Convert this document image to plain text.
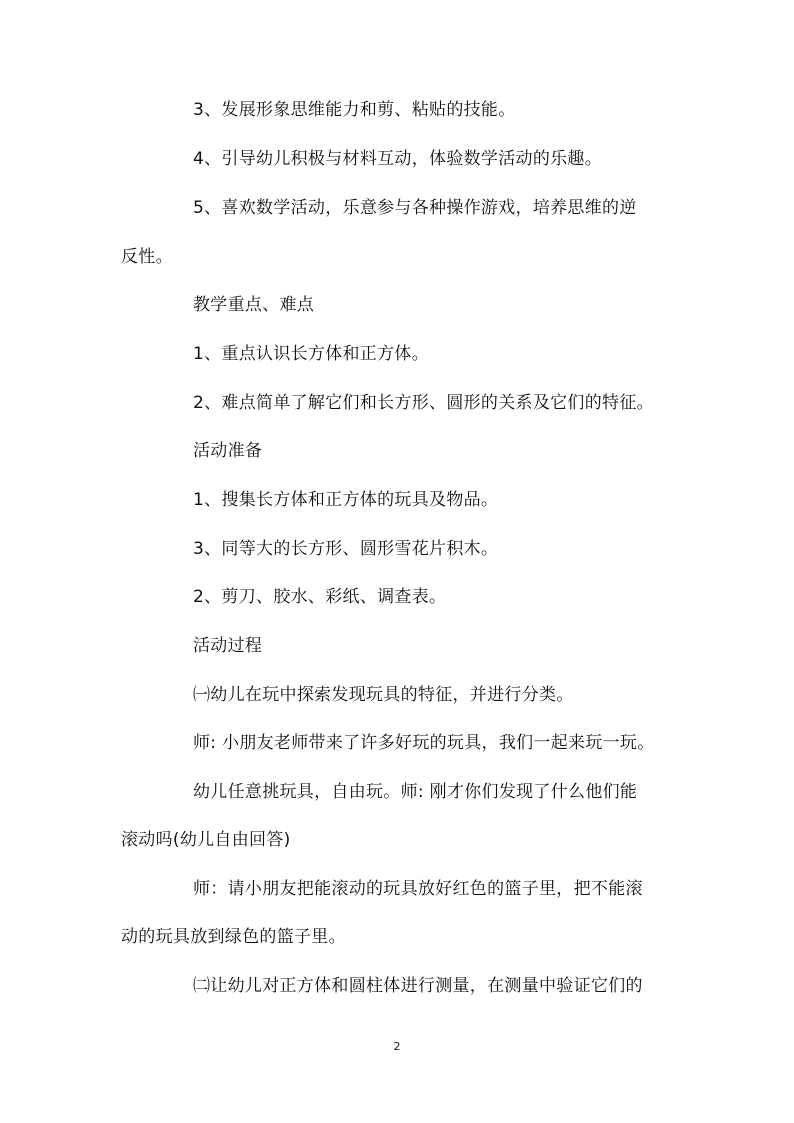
3、发展形象思维能力和剪、粘贴的技能。
4、引导幼儿积极与材料互动，体验数学活动的乐趣。
5、喜欢数学活动，乐意参与各种操作游戏，培养思维的逆
反性。
教学重点、难点
1、重点认识长方体和正方体。
2、难点简单了解它们和长方形、圆形的关系及它们的特征。
活动准备
1、搜集长方体和正方体的玩具及物品。
3、同等大的长方形、圆形雪花片积木。
2、剪刀、胶水、彩纸、调查表。
活动过程
㈠幼儿在玩中探索发现玩具的特征，并进行分类。
师: 小朋友老师带来了许多好玩的玩具，我们一起来玩一玩。
幼儿任意挑玩具，自由玩。师: 刚才你们发现了什么他们能
滚动吗(幼儿自由回答)
师：请小朋友把能滚动的玩具放好红色的篮子里，把不能滚
动的玩具放到绿色的篮子里。
㈡让幼儿对正方体和圆柱体进行测量，在测量中验证它们的
2
